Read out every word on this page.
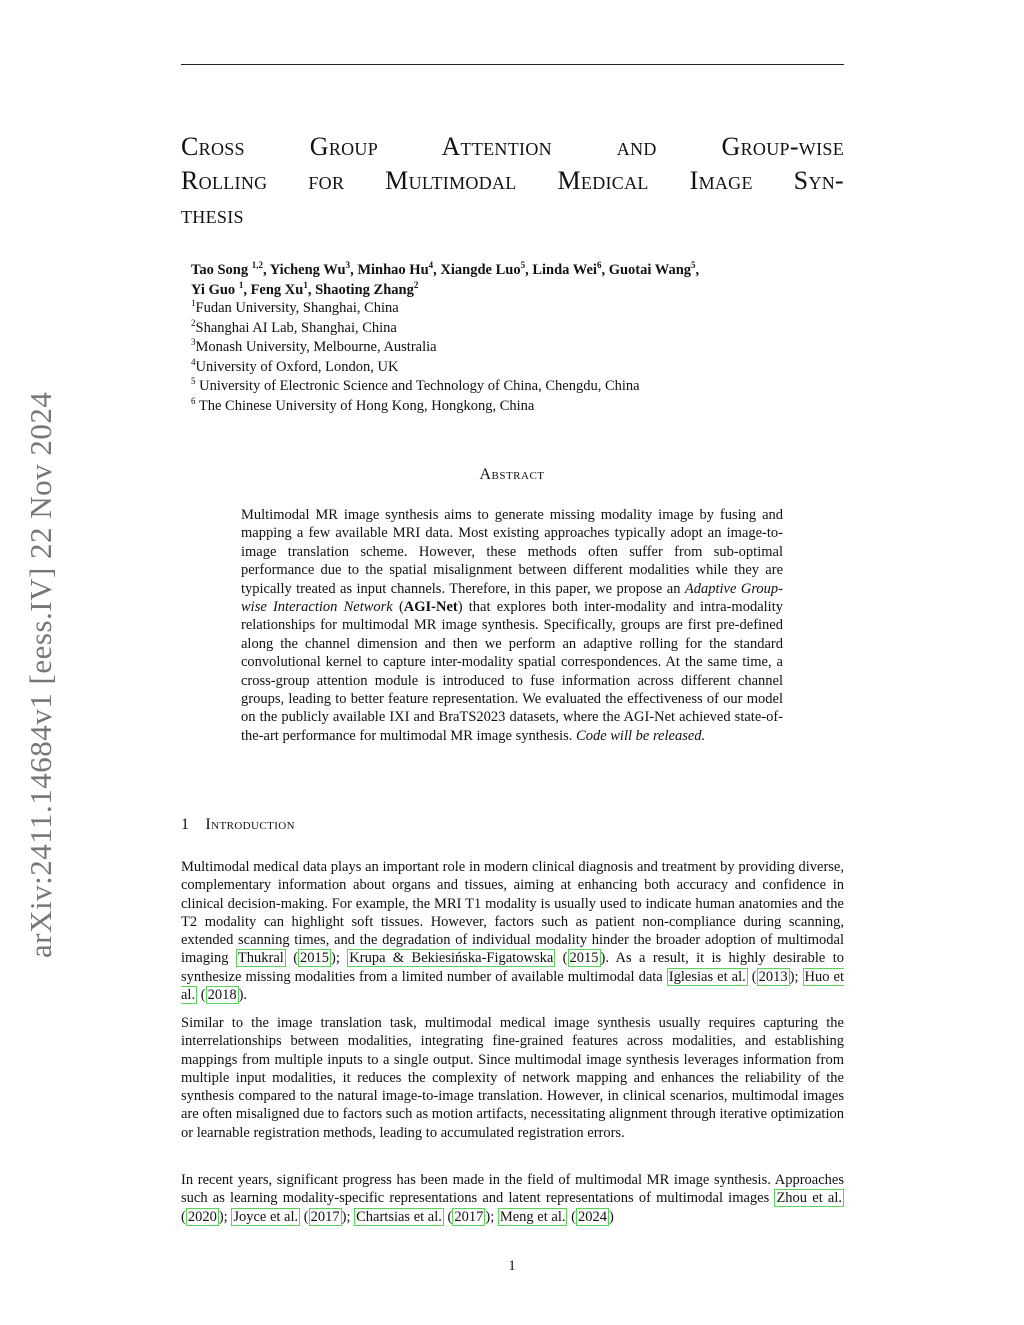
arXiv:2411.14684v1 [eess.IV] 22 Nov 2024
Cross Group Attention and Group-wise
Rolling for Multimodal Medical Image Syn-
thesis
Tao Song $^{1,2}$, Yicheng Wu$^3$, Minhao Hu$^4$, Xiangde Luo$^5$, Linda Wei$^6$, Guotai Wang$^5$,
Yi Guo $^1$, Feng Xu$^1$, Shaoting Zhang$^2$
$^1$Fudan University, Shanghai, China
$^2$Shanghai AI Lab, Shanghai, China
$^3$Monash University, Melbourne, Australia
$^4$University of Oxford, London, UK
$^5$ University of Electronic Science and Technology of China, Chengdu, China
$^6$ The Chinese University of Hong Kong, Hongkong, China
Abstract
Multimodal MR image synthesis aims to generate missing modality image by fusing and mapping a few available MRI data. Most existing approaches typically adopt an image-to-image translation scheme. However, these methods often suffer from sub-optimal performance due to the spatial misalignment between different modalities while they are typically treated as input channels. Therefore, in this paper, we propose an Adaptive Group-wise Interaction Network (AGI-Net) that explores both inter-modality and intra-modality relationships for multimodal MR image synthesis. Specifically, groups are first pre-defined along the channel dimension and then we perform an adaptive rolling for the standard convolutional kernel to capture inter-modality spatial correspondences. At the same time, a cross-group attention module is introduced to fuse information across different channel groups, leading to better feature representation. We evaluated the effectiveness of our model on the publicly available IXI and BraTS2023 datasets, where the AGI-Net achieved state-of-the-art performance for multimodal MR image synthesis. Code will be released.
1 Introduction
Multimodal medical data plays an important role in modern clinical diagnosis and treatment by providing diverse, complementary information about organs and tissues, aiming at enhancing both accuracy and confidence in clinical decision-making. For example, the MRI T1 modality is usually used to indicate human anatomies and the T2 modality can highlight soft tissues. However, factors such as patient non-compliance during scanning, extended scanning times, and the degradation of individual modality hinder the broader adoption of multimodal imaging Thukral ( 2015 ); Krupa & Bekiesińska-Figatowska ( 2015 ). As a result, it is highly desirable to synthesize missing modalities from a limited number of available multimodal data Iglesias et al. ( 2013 ); Huo et al. ( 2018 ).
Similar to the image translation task, multimodal medical image synthesis usually requires capturing the interrelationships between modalities, integrating fine-grained features across modalities, and establishing mappings from multiple inputs to a single output. Since multimodal image synthesis leverages information from multiple input modalities, it reduces the complexity of network mapping and enhances the reliability of the synthesis compared to the natural image-to-image translation. However, in clinical scenarios, multimodal images are often misaligned due to factors such as motion artifacts, necessitating alignment through iterative optimization or learnable registration methods, leading to accumulated registration errors.
In recent years, significant progress has been made in the field of multimodal MR image synthesis. Approaches such as learning modality-specific representations and latent representations of multimodal images Zhou et al. ( 2020 ); Joyce et al. ( 2017 ); Chartsias et al. ( 2017 ); Meng et al. ( 2024 )
1
